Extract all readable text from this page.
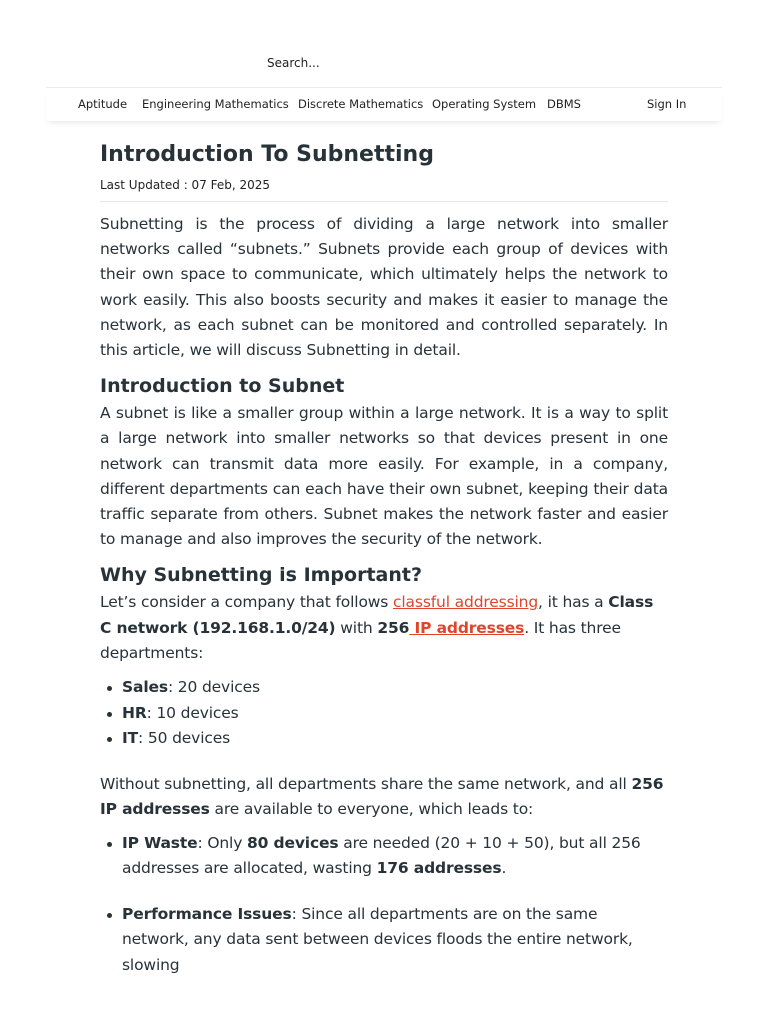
Search...
Aptitude Engineering Mathematics Discrete Mathematics Operating System DBMS	Sign In
Introduction To Subnetting
Last Updated : 07 Feb, 2025

Subnetting is the process of dividing a large network into smaller networks called “subnets.” Subnets provide each group of devices with their own space to communicate, which ultimately helps the network to work easily. This also boosts security and makes it easier to manage the network, as each subnet can be monitored and controlled separately. In this article, we will discuss Subnetting in detail.

Introduction to Subnet

A subnet is like a smaller group within a large network. It is a way to split a large network into smaller networks so that devices present in one network can transmit data more easily. For example, in a company, different departments can each have their own subnet, keeping their data traffic separate from others. Subnet makes the network faster and easier to manage and also improves the security of the network.

Why Subnetting is Important?

Let’s consider a company that follows classful addressing, it has a Class C network (192.168.1.0/24) with 256 IP addresses. It has three departments:

Sales: 20 devices
HR: 10 devices
IT: 50 devices

Without subnetting, all departments share the same network, and all 256 IP addresses are available to everyone, which leads to:

IP Waste: Only 80 devices are needed (20 + 10 + 50), but all 256 addresses are allocated, wasting 176 addresses.
Performance Issues: Since all departments are on the same network, any data sent between devices floods the entire network, slowing
